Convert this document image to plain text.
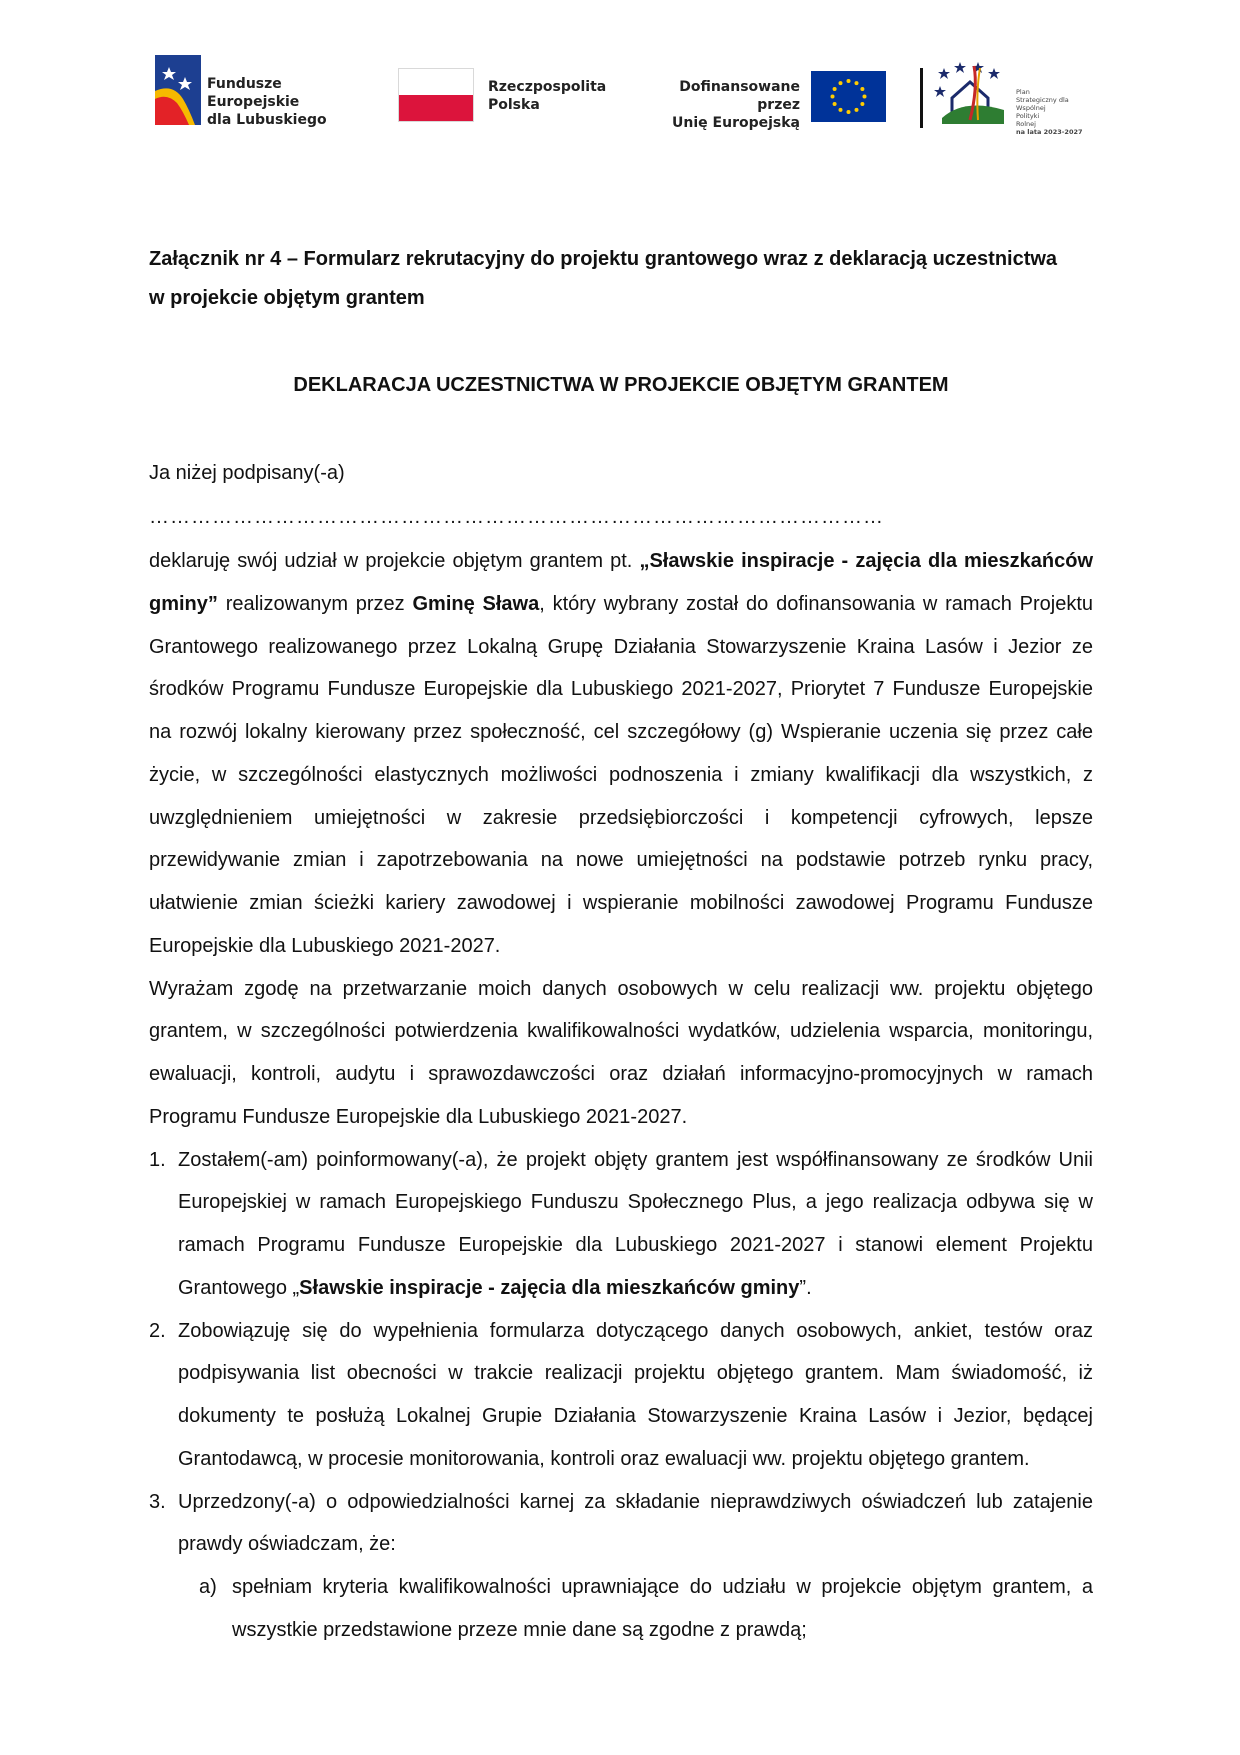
Fundusze Europejskie
dla Lubuskiego
Rzeczpospolita
Polska
Dofinansowane przez
Unię Europejską
Plan
Strategiczny dla
Wspólnej
Polityki
Rolnej
na lata 2023-2027
Załącznik nr 4 – Formularz rekrutacyjny do projektu grantowego wraz z deklaracją uczestnictwa
w projekcie objętym grantem
DEKLARACJA UCZESTNICTWA W PROJEKCIE OBJĘTYM GRANTEM
Ja niżej podpisany(-a)
……………………………………………………………………………………………

deklaruję swój udział w projekcie objętym grantem pt. „Sławskie inspiracje - zajęcia dla mieszkańców gminy” realizowanym przez Gminę Sława, który wybrany został do dofinansowania w ramach Projektu Grantowego realizowanego przez Lokalną Grupę Działania Stowarzyszenie Kraina Lasów i Jezior ze środków Programu Fundusze Europejskie dla Lubuskiego 2021-2027, Priorytet 7 Fundusze Europejskie na rozwój lokalny kierowany przez społeczność, cel szczegółowy (g) Wspieranie uczenia się przez całe życie, w szczególności elastycznych możliwości podnoszenia i zmiany kwalifikacji dla wszystkich, z uwzględnieniem umiejętności w zakresie przedsiębiorczości i kompetencji cyfrowych, lepsze przewidywanie zmian i zapotrzebowania na nowe umiejętności na podstawie potrzeb rynku pracy, ułatwienie zmian ścieżki kariery zawodowej i wspieranie mobilności zawodowej Programu Fundusze Europejskie dla Lubuskiego 2021-2027.

Wyrażam zgodę na przetwarzanie moich danych osobowych w celu realizacji ww. projektu objętego grantem, w szczególności potwierdzenia kwalifikowalności wydatków, udzielenia wsparcia, monitoringu, ewaluacji, kontroli, audytu i sprawozdawczości oraz działań informacyjno-promocyjnych w ramach Programu Fundusze Europejskie dla Lubuskiego 2021-2027.

1. Zostałem(-am) poinformowany(-a), że projekt objęty grantem jest współfinansowany ze środków Unii Europejskiej w ramach Europejskiego Funduszu Społecznego Plus, a jego realizacja odbywa się w ramach Programu Fundusze Europejskie dla Lubuskiego 2021-2027 i stanowi element Projektu Grantowego „Sławskie inspiracje - zajęcia dla mieszkańców gminy”.
2. Zobowiązuję się do wypełnienia formularza dotyczącego danych osobowych, ankiet, testów oraz podpisywania list obecności w trakcie realizacji projektu objętego grantem. Mam świadomość, iż dokumenty te posłużą Lokalnej Grupie Działania Stowarzyszenie Kraina Lasów i Jezior, będącej Grantodawcą, w procesie monitorowania, kontroli oraz ewaluacji ww. projektu objętego grantem.
3. Uprzedzony(-a) o odpowiedzialności karnej za składanie nieprawdziwych oświadczeń lub zatajenie prawdy oświadczam, że:
a) spełniam kryteria kwalifikowalności uprawniające do udziału w projekcie objętym grantem, a wszystkie przedstawione przeze mnie dane są zgodne z prawdą;
